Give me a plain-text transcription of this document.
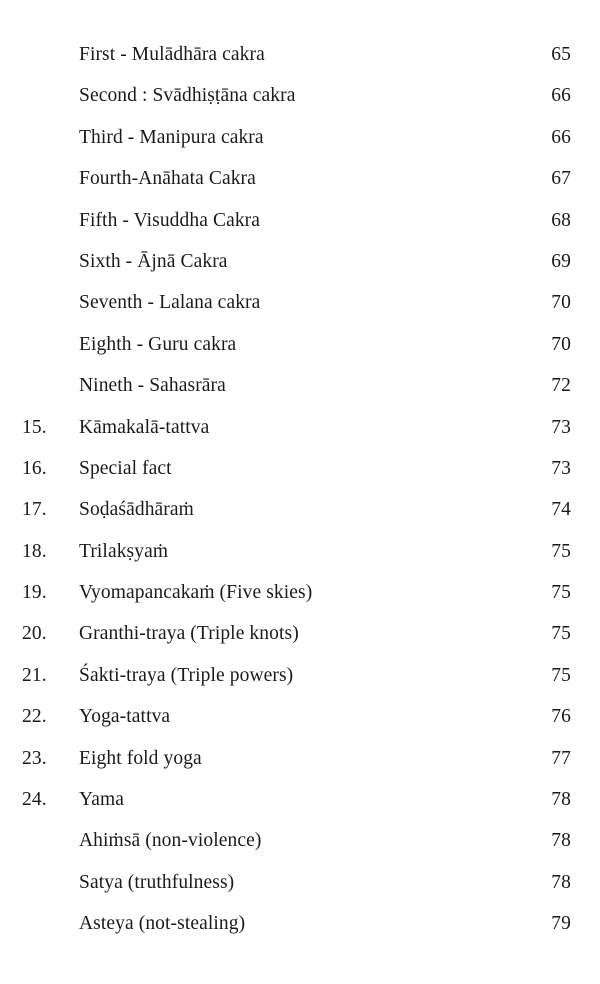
First - Mulādhāra cakra	65
Second : Svādhiṣṭāna cakra	66
Third - Manipura cakra	66
Fourth-Anāhata Cakra	67
Fifth - Visuddha Cakra	68
Sixth - Ājnā Cakra	69
Seventh - Lalana cakra	70
Eighth - Guru cakra	70
Nineth - Sahasrāra	72
15.	Kāmakalā-tattva	73
16.	Special fact	73
17.	Soḍaśādhāraṁ	74
18.	Trilakṣyaṁ	75
19.	Vyomapancakaṁ (Five skies)	75
20.	Granthi-traya (Triple knots)	75
21.	Śakti-traya (Triple powers)	75
22.	Yoga-tattva	76
23.	Eight fold yoga	77
24.	Yama	78
Ahiṁsā (non-violence)	78
Satya (truthfulness)	78
Asteya (not-stealing)	79
